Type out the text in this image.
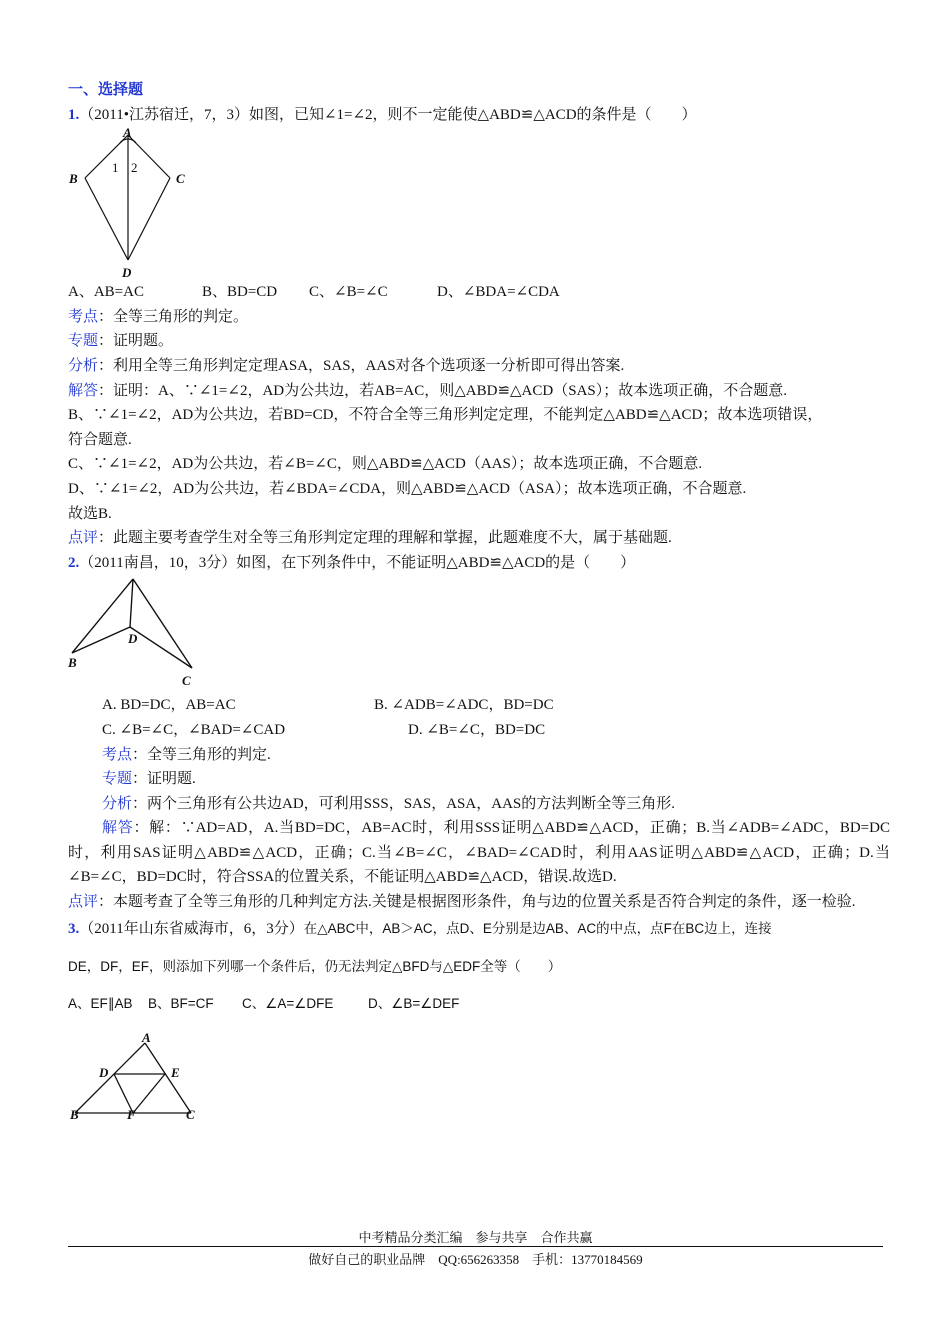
一、选择题
1.（2011•江苏宿迁，7，3）如图，已知∠1=∠2，则不一定能使△ABD≌△ACD的条件是（　　）
A
B	C
D
1 2
A、AB=AC	B、BD=CD C、∠B=∠C	D、∠BDA=∠CDA
考点：全等三角形的判定。
专题：证明题。
分析：利用全等三角形判定定理ASA，SAS，AAS对各个选项逐一分析即可得出答案.
解答：证明：A、∵∠1=∠2，AD为公共边，若AB=AC，则△ABD≌△ACD（SAS）；故本选项正确，不合题意.
B、∵∠1=∠2，AD为公共边，若BD=CD，不符合全等三角形判定定理，不能判定△ABD≌△ACD；故本选项错误，
符合题意.
C、∵∠1=∠2，AD为公共边，若∠B=∠C，则△ABD≌△ACD（AAS）；故本选项正确，不合题意.
D、∵∠1=∠2，AD为公共边，若∠BDA=∠CDA，则△ABD≌△ACD（ASA）；故本选项正确，不合题意.
故选B.
点评：此题主要考查学生对全等三角形判定定理的理解和掌握，此题难度不大，属于基础题.
2.（2011南昌，10，3分）如图，在下列条件中，不能证明△ABD≌△ACD的是（　　）
B
D
C
A. BD=DC，AB=AC	B. ∠ADB=∠ADC，BD=DC
C. ∠B=∠C，∠BAD=∠CAD	D. ∠B=∠C，BD=DC
考点：全等三角形的判定.
专题：证明题.
分析：两个三角形有公共边AD，可利用SSS，SAS，ASA，AAS的方法判断全等三角形.
解答：解：∵AD=AD，A.当BD=DC，AB=AC时，利用SSS证明△ABD≌△ACD，正确；B.当∠ADB=∠ADC，BD=DC时，利用SAS证明△ABD≌△ACD，正确；C.当∠B=∠C，∠BAD=∠CAD时，利用AAS证明△ABD≌△ACD，正确；D.当∠B=∠C，BD=DC时，符合SSA的位置关系，不能证明△ABD≌△ACD，错误.故选D.
点评：本题考查了全等三角形的几种判定方法.关键是根据图形条件，角与边的位置关系是否符合判定的条件，逐一检验.
3.（2011年山东省威海市，6，3分）在△ABC中，AB＞AC，点D、E分别是边AB、AC的中点，点F在BC边上，连接
DE，DF，EF，则添加下列哪一个条件后，仍无法判定△BFD与△EDF全等（　　）
A、EF∥AB B、BF=CF C、∠A=∠DFE	D、∠B=∠DEF
A
D	E
B	F	C
中考精品分类汇编　参与共享　合作共赢
做好自己的职业品牌　QQ:656263358　手机：13770184569
